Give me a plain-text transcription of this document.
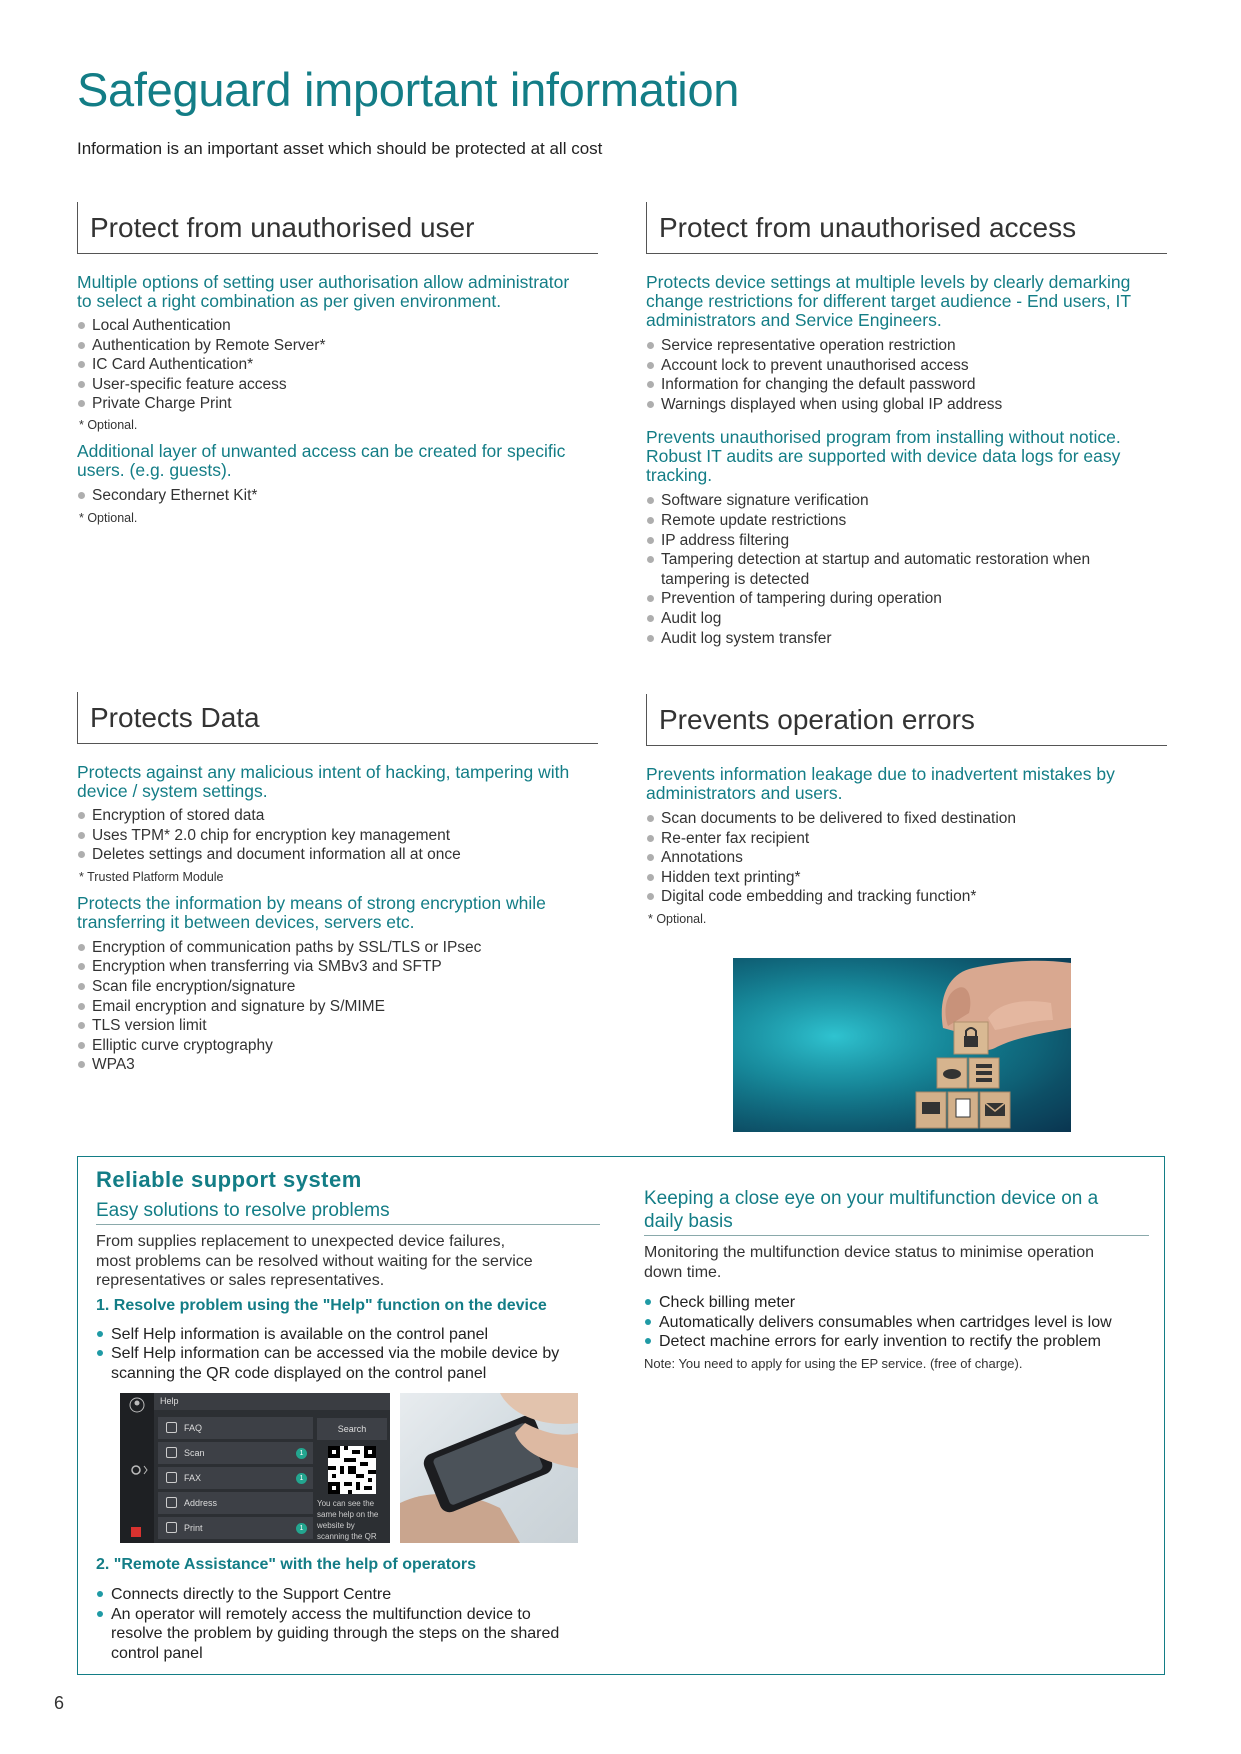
Safeguard important information
Information is an important asset which should be protected at all cost
Protect from unauthorised user
Multiple options of setting user authorisation allow administrator
to select a right combination as per given environment.
Local Authentication
Authentication by Remote Server*
IC Card Authentication*
User-specific feature access
Private Charge Print
* Optional.
Additional layer of unwanted access can be created for specific
users. (e.g. guests).
Secondary Ethernet Kit*
* Optional.
Protect from unauthorised access
Protects device settings at multiple levels by clearly demarking
change restrictions for different target audience - End users, IT
administrators and Service Engineers.
Service representative operation restriction
Account lock to prevent unauthorised access
Information for changing the default password
Warnings displayed when using global IP address
Prevents unauthorised program from installing without notice.
Robust IT audits are supported with device data logs for easy
tracking.
Software signature verification
Remote update restrictions
IP address filtering
Tampering detection at startup and automatic restoration when
tampering is detected
Prevention of tampering during operation
Audit log
Audit log system transfer
Protects Data
Protects against any malicious intent of hacking, tampering with
device / system settings.
Encryption of stored data
Uses TPM* 2.0 chip for encryption key management
Deletes settings and document information all at once
* Trusted Platform Module
Protects the information by means of strong encryption while
transferring it between devices, servers etc.
Encryption of communication paths by SSL/TLS or IPsec
Encryption when transferring via SMBv3 and SFTP
Scan file encryption/signature
Email encryption and signature by S/MIME
TLS version limit
Elliptic curve cryptography
WPA3
Prevents operation errors
Prevents information leakage due to inadvertent mistakes by
administrators and users.
Scan documents to be delivered to fixed destination
Re-enter fax recipient
Annotations
Hidden text printing*
Digital code embedding and tracking function*
* Optional.
Reliable support system
Easy solutions to resolve problems
From supplies replacement to unexpected device failures,
most problems can be resolved without waiting for the service
representatives or sales representatives.
1. Resolve problem using the "Help" function on the device
Self Help information is available on the control panel
Self Help information can be accessed via the mobile device by
scanning the QR code displayed on the control panel
2. "Remote Assistance" with the help of operators
Connects directly to the Support Centre
An operator will remotely access the multifunction device to
resolve the problem by guiding through the steps on the shared
control panel
Keeping a close eye on your multifunction device on a
daily basis
Monitoring the multifunction device status to minimise operation
down time.
Check billing meter
Automatically delivers consumables when cartridges level is low
Detect machine errors for early invention to rectify the problem
Note: You need to apply for using the EP service. (free of charge).
Help
FAQ
Scan	1
FAX	1
Address
Print	1
Search
You can see the
same help on the
website by
scanning the QR
6
